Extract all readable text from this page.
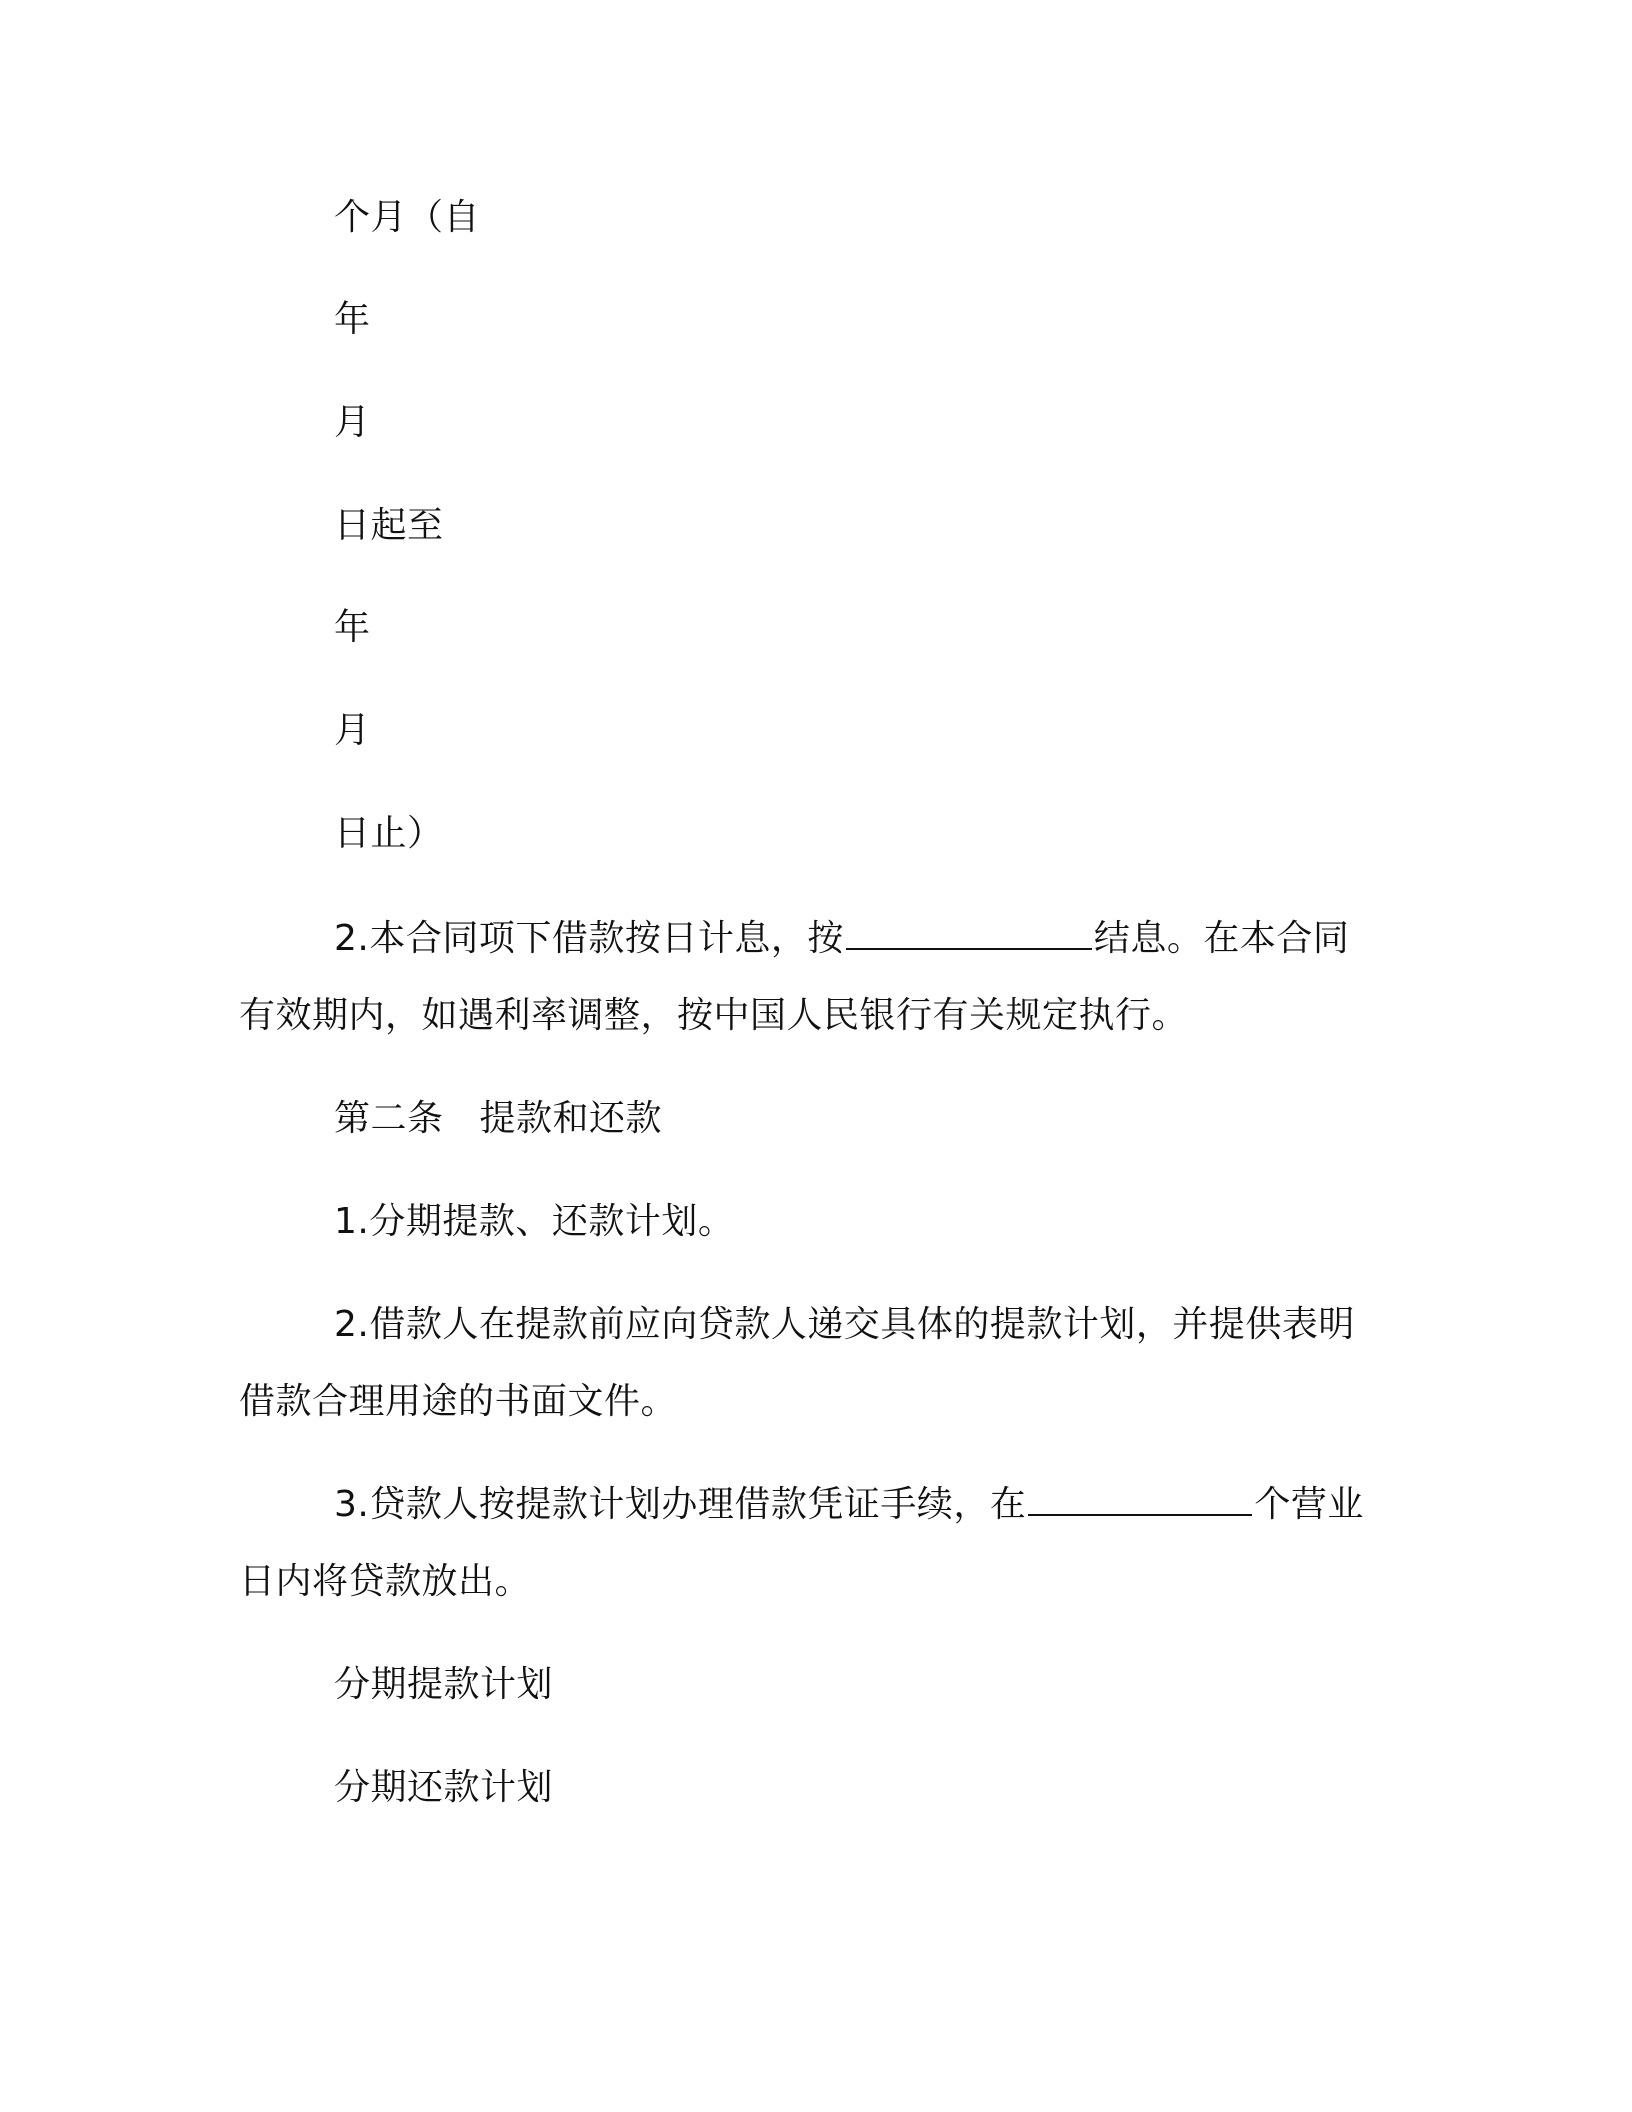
个月（自
年
月
日起至
年
月
日止）
2.本合同项下借款按日计息，按	结息。在本合同
有效期内，如遇利率调整，按中国人民银行有关规定执行。
第二条 提款和还款
1.分期提款、还款计划。
2.借款人在提款前应向贷款人递交具体的提款计划，并提供表明
借款合理用途的书面文件。
3.贷款人按提款计划办理借款凭证手续，在	个营业
日内将贷款放出。
分期提款计划
分期还款计划
